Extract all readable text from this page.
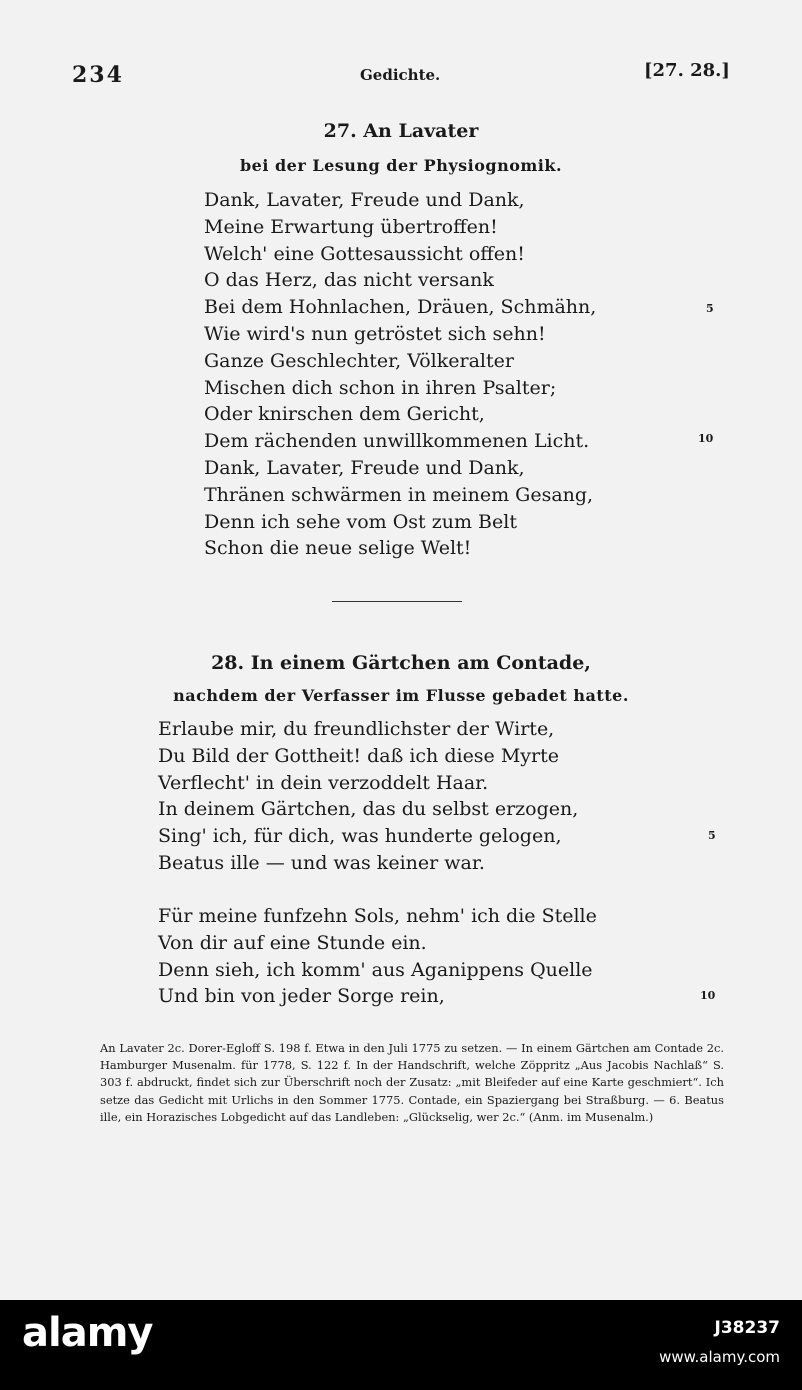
234	Gedichte.	[27. 28.]
27. An Lavater
bei der Lesung der Physiognomik.
Dank, Lavater, Freude und Dank,
Meine Erwartung übertroffen!
Welch' eine Gottesaussicht offen!
O das Herz, das nicht versank
Bei dem Hohnlachen, Dräuen, Schmähn,
Wie wird's nun getröstet sich sehn!
Ganze Geschlechter, Völkeralter
Mischen dich schon in ihren Psalter;
Oder knirschen dem Gericht,
Dem rächenden unwillkommenen Licht.
Dank, Lavater, Freude und Dank,
Thränen schwärmen in meinem Gesang,
Denn ich sehe vom Ost zum Belt
Schon die neue selige Welt!
5
10
28. In einem Gärtchen am Contade,
nachdem der Verfasser im Flusse gebadet hatte.
Erlaube mir, du freundlichster der Wirte,
Du Bild der Gottheit! daß ich diese Myrte
Verflecht' in dein verzoddelt Haar.
In deinem Gärtchen, das du selbst erzogen,
Sing' ich, für dich, was hunderte gelogen,
Beatus ille — und was keiner war.
Für meine funfzehn Sols, nehm' ich die Stelle
Von dir auf eine Stunde ein.
Denn sieh, ich komm' aus Aganippens Quelle
Und bin von jeder Sorge rein,
5
10

An Lavater 2c. Dorer-Egloff S. 198 f. Etwa in den Juli 1775 zu setzen. — In einem Gärtchen am Contade 2c. Hamburger Musenalm. für 1778, S. 122 f. In der Handschrift, welche Zöppritz „Aus Jacobis Nachlaß“ S. 303 f. abdruckt, findet sich zur Überschrift noch der Zusatz: „mit Bleifeder auf eine Karte geschmiert“. Ich setze das Gedicht mit Urlichs in den Sommer 1775. Contade, ein Spaziergang bei Straßburg. — 6. Beatus ille, ein Horazisches Lobgedicht auf das Landleben: „Glückselig, wer 2c.“ (Anm. im Musenalm.)

alamy	J38237
www.alamy.com
